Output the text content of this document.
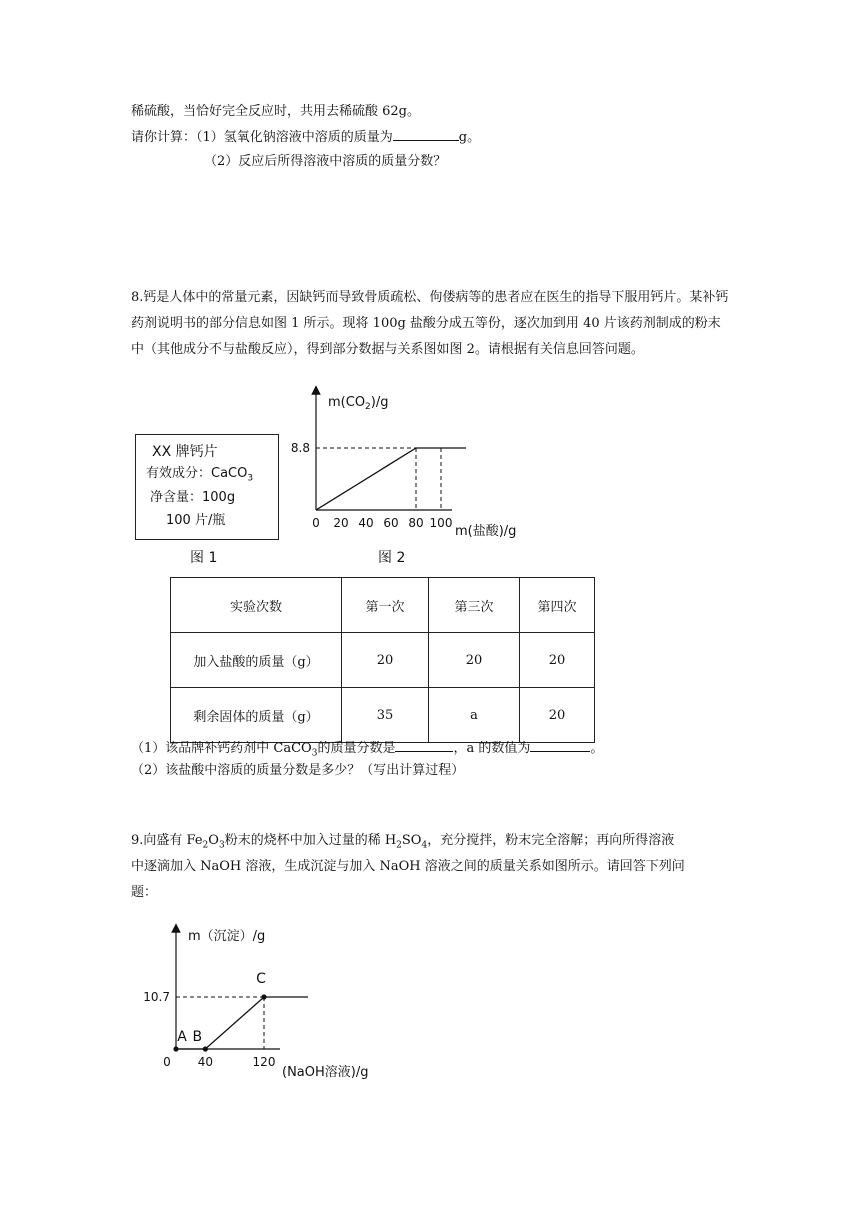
稀硫酸，当恰好完全反应时，共用去稀硫酸 62g。
请你计算：（1）氢氧化钠溶液中溶质的质量为	g。
（2）反应后所得溶液中溶质的质量分数？
8.钙是人体中的常量元素，因缺钙而导致骨质疏松、佝偻病等的患者应在医生的指导下服用钙片。某补钙药剂说明书的部分信息如图 1 所示。现将 100g 盐酸分成五等份，逐次加到用 40 片该药剂制成的粉末中（其他成分不与盐酸反应），得到部分数据与关系图如图 2。请根据有关信息回答问题。
XX 牌钙片
有效成分：CaCO$_3$
净含量：100g
100 片/瓶
图 1	图 2
$m(CO_2)/g$
m(盐酸)/g
8.8
0 20 40 60 80 100
实验次数	第一次	第三次	第四次
加入盐酸的质量（g）	20	20	20
剩余固体的质量（g）	35	a	20
（1）该品牌补钙药剂中 CaCO$_3$的质量分数是	，a 的数值为	。
（2）该盐酸中溶质的质量分数是多少？（写出计算过程）
9.向盛有 $Fe_2O_3$粉末的烧杯中加入过量的稀 $H_2SO_4$，充分搅拌，粉末完全溶解；再向所得溶液
中逐滴加入 NaOH 溶液，生成沉淀与加入 NaOH 溶液之间的质量关系如图所示。请回答下列问
题：
m（沉淀）/g
(NaOH溶液)/g
10.7
0 40	120
A B
C
